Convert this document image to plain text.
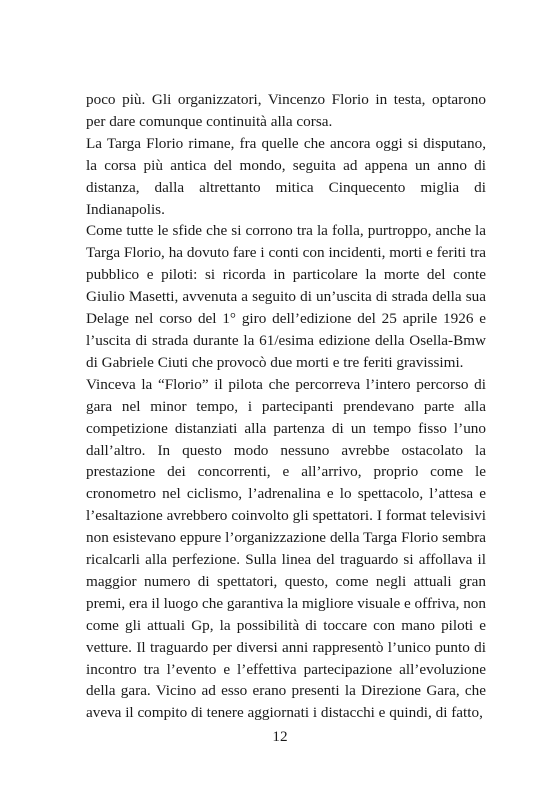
poco più. Gli organizzatori, Vincenzo Florio in testa, optarono per dare comunque continuità alla corsa.

La Targa Florio rimane, fra quelle che ancora oggi si disputano, la corsa più antica del mondo, seguita ad appena un anno di distanza, dalla altrettanto mitica Cinquecento miglia di Indianapolis.

Come tutte le sfide che si corrono tra la folla, purtroppo, anche la Targa Florio, ha dovuto fare i conti con incidenti, morti e feriti tra pubblico e piloti: si ricorda in particolare la morte del conte Giulio Masetti, avvenuta a seguito di un’uscita di strada della sua Delage nel corso del 1° giro dell’edizione del 25 aprile 1926 e l’uscita di strada durante la 61/esima edizione della Osella-Bmw di Gabriele Ciuti che provocò due morti e tre feriti gravissimi.

Vinceva la “Florio” il pilota che percorreva l’intero percorso di gara nel minor tempo, i partecipanti prendevano parte alla competizione distanziati alla partenza di un tempo fisso l’uno dall’altro. In questo modo nessuno avrebbe ostacolato la prestazione dei concorrenti, e all’arrivo, proprio come le cronometro nel ciclismo, l’adrenalina e lo spettacolo, l’attesa e l’esaltazione avrebbero coinvolto gli spettatori. I format televisivi non esistevano eppure l’organizzazione della Targa Florio sembra ricalcarli alla perfezione. Sulla linea del traguardo si affollava il maggior numero di spettatori, questo, come negli attuali gran premi, era il luogo che garantiva la migliore visuale e offriva, non come gli attuali Gp, la possibilità di toccare con mano piloti e vetture. Il traguardo per diversi anni rappresentò l’unico punto di incontro tra l’evento e l’effettiva partecipazione all’evoluzione della gara. Vicino ad esso erano presenti la Direzione Gara, che aveva il compito di tenere aggiornati i distacchi e quindi, di fatto,

12
